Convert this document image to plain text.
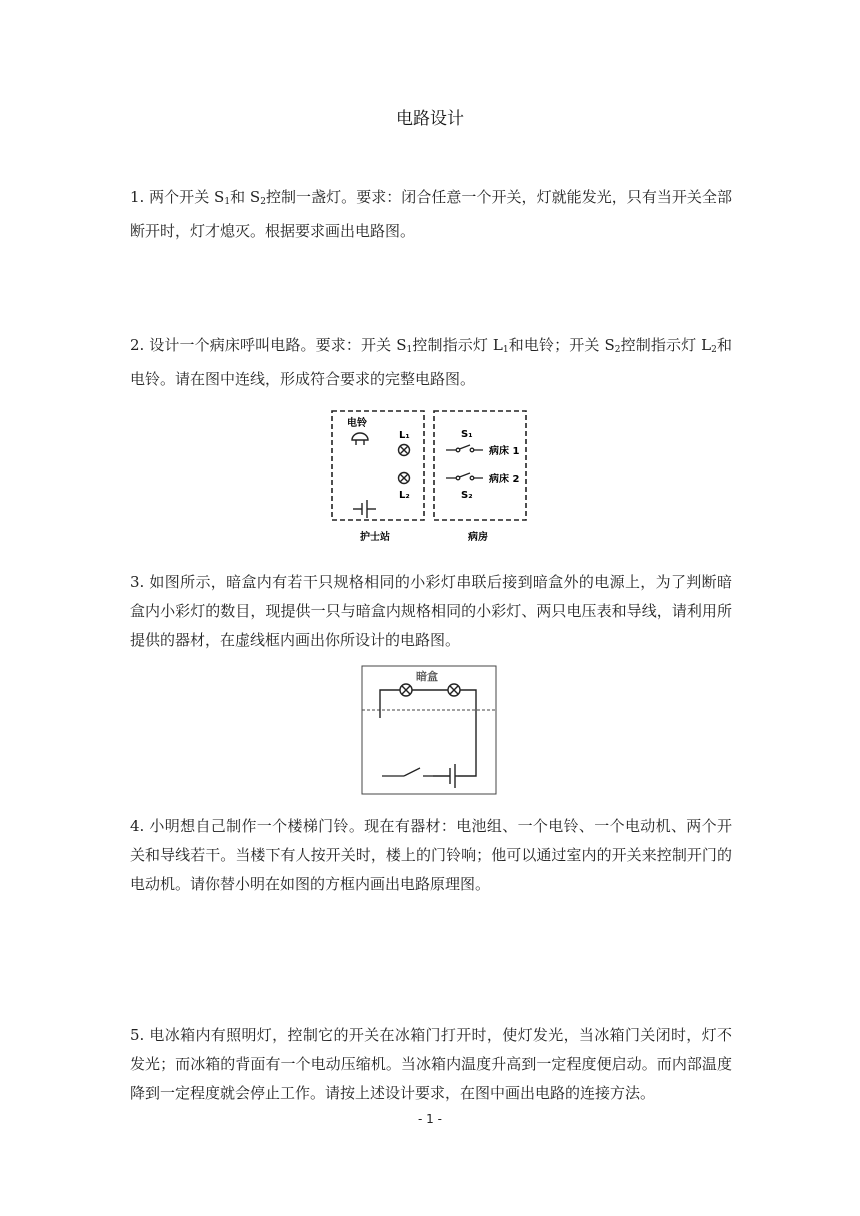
电路设计
1. 两个开关 $S_1$和 $S_2$控制一盏灯。要求：闭合任意一个开关，灯就能发光，只有当开关全部断开时，灯才熄灭。根据要求画出电路图。
2. 设计一个病床呼叫电路。要求：开关 $S_1$控制指示灯 $L_1$和电铃；开关 $S_2$控制指示灯 $L_2$和电铃。请在图中连线，形成符合要求的完整电路图。
电铃
L₁
L₂
S₁
病床 1
病床 2
S₂
护士站	病房
3. 如图所示，暗盒内有若干只规格相同的小彩灯串联后接到暗盒外的电源上，为了判断暗盒内小彩灯的数目，现提供一只与暗盒内规格相同的小彩灯、两只电压表和导线，请利用所提供的器材，在虚线框内画出你所设计的电路图。
暗盒
4. 小明想自己制作一个楼梯门铃。现在有器材：电池组、一个电铃、一个电动机、两个开关和导线若干。当楼下有人按开关时，楼上的门铃响；他可以通过室内的开关来控制开门的电动机。请你替小明在如图的方框内画出电路原理图。
5. 电冰箱内有照明灯，控制它的开关在冰箱门打开时，使灯发光，当冰箱门关闭时，灯不发光；而冰箱的背面有一个电动压缩机。当冰箱内温度升高到一定程度便启动。而内部温度降到一定程度就会停止工作。请按上述设计要求，在图中画出电路的连接方法。
- 1 -
